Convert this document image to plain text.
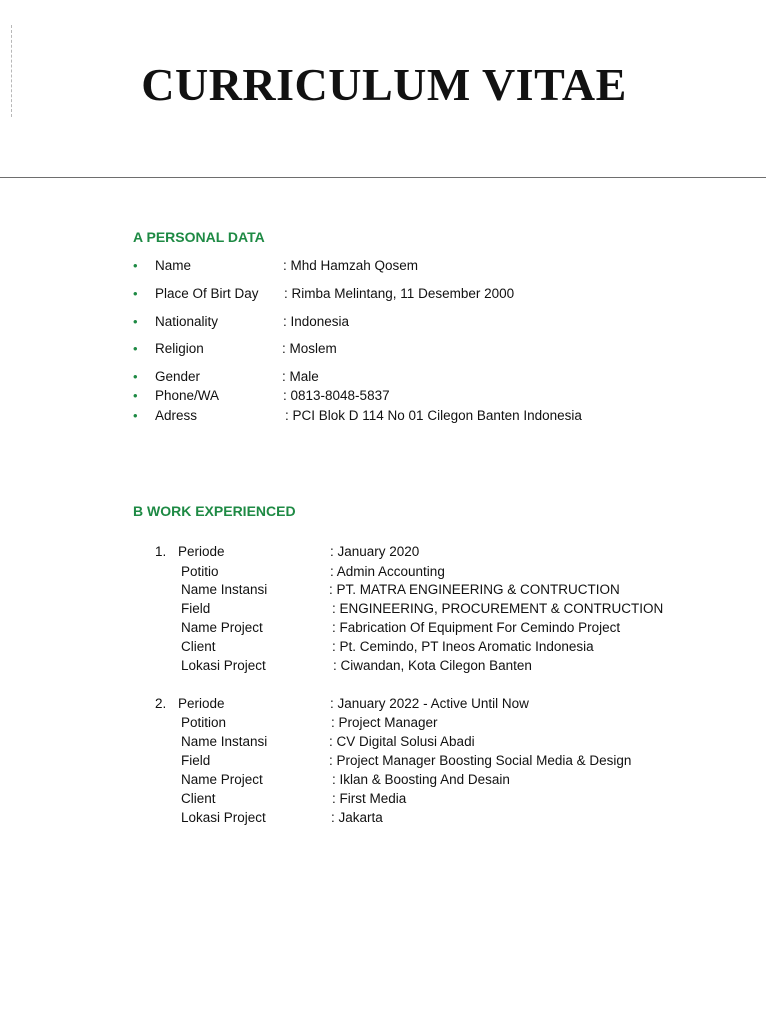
CURRICULUM VITAE
A PERSONAL DATA
• Name	: Mhd Hamzah Qosem
• Place Of Birt Day : Rimba Melintang, 11 Desember 2000
• Nationality	: Indonesia
• Religion	: Moslem
• Gender	: Male
• Phone/WA	: 0813-8048-5837
• Adress	: PCI Blok D 114 No 01 Cilegon Banten Indonesia
B WORK EXPERIENCED
1. Periode	: January 2020
Potitio	: Admin Accounting
Name Instansi	: PT. MATRA ENGINEERING & CONTRUCTION
Field	: ENGINEERING, PROCUREMENT & CONTRUCTION
Name Project	: Fabrication Of Equipment For Cemindo Project
Client	: Pt. Cemindo, PT Ineos Aromatic Indonesia
Lokasi Project	: Ciwandan, Kota Cilegon Banten
2. Periode	: January 2022 - Active Until Now
Potition	: Project Manager
Name Instansi	: CV Digital Solusi Abadi
Field	: Project Manager Boosting Social Media & Design
Name Project	: Iklan & Boosting And Desain
Client	: First Media
Lokasi Project	: Jakarta
